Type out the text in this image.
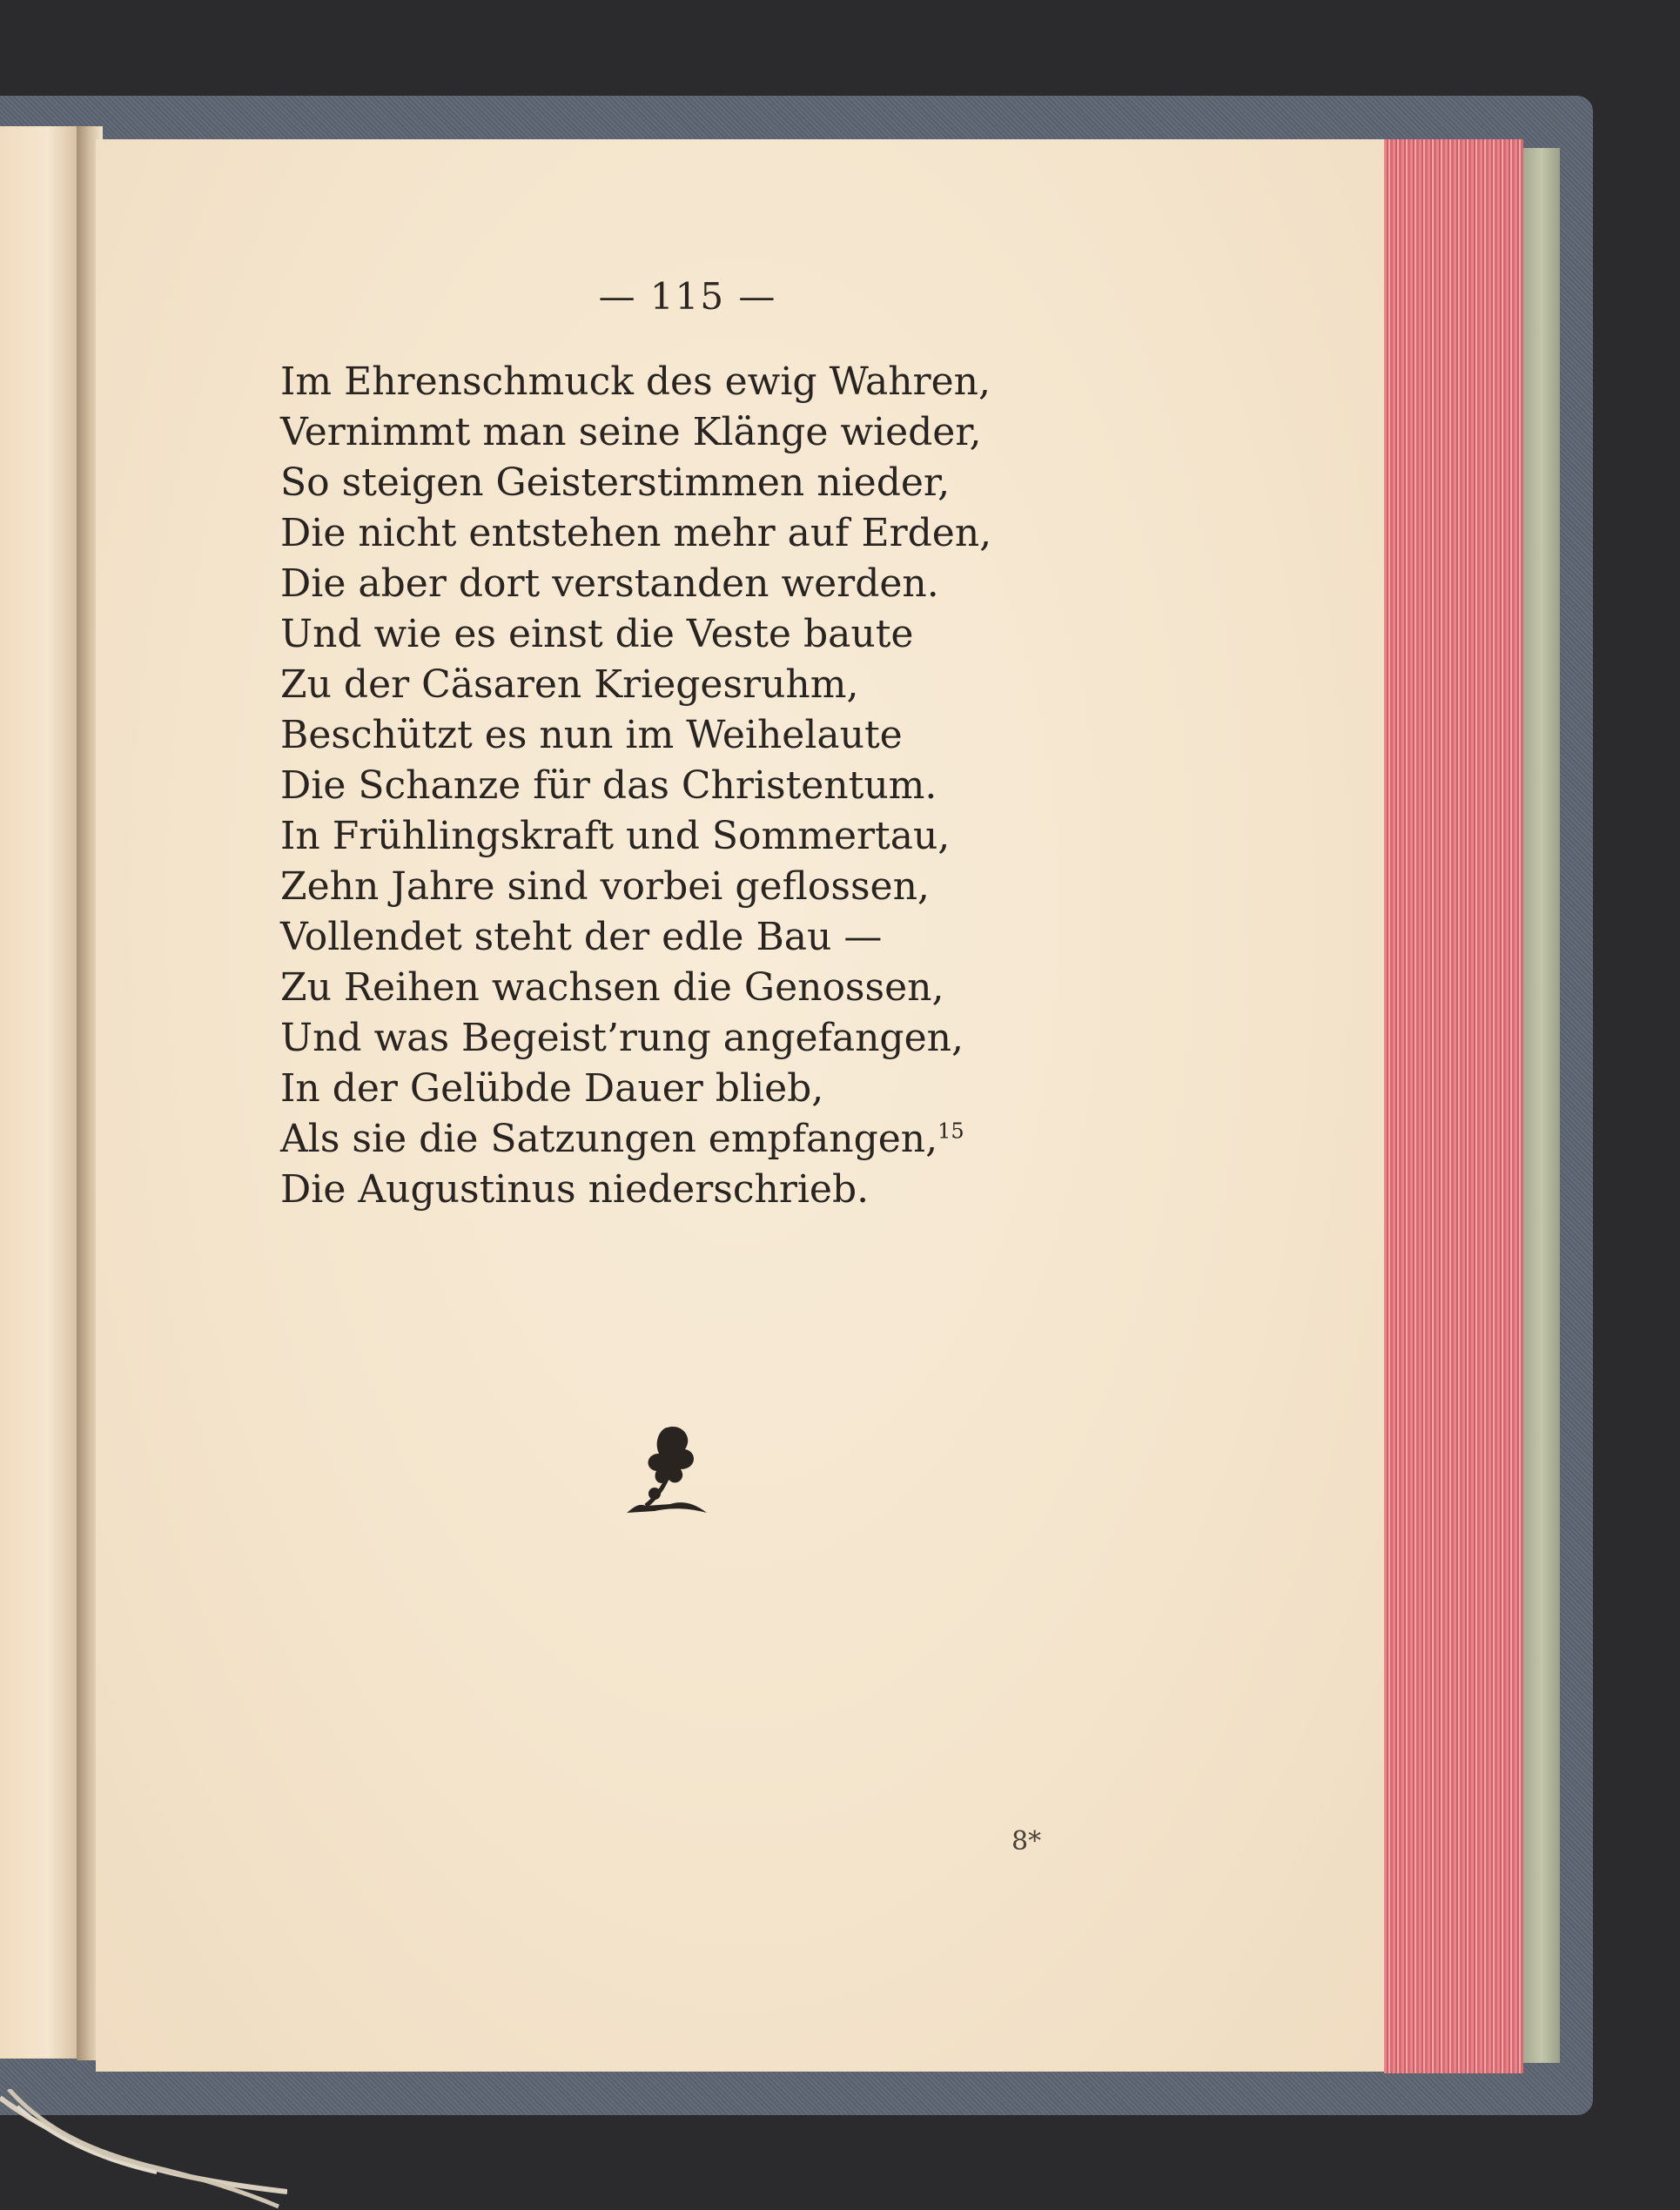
— 115 —
Im Ehrenschmuck des ewig Wahren,
Vernimmt man seine Klänge wieder,
So steigen Geisterstimmen nieder,
Die nicht entstehen mehr auf Erden,
Die aber dort verstanden werden.
Und wie es einst die Veste baute
Zu der Cäsaren Kriegesruhm,
Beschützt es nun im Weihelaute
Die Schanze für das Christentum.
In Frühlingskraft und Sommertau,
Zehn Jahre sind vorbei geflossen,
Vollendet steht der edle Bau —
Zu Reihen wachsen die Genossen,
Und was Begeist’rung angefangen,
In der Gelübde Dauer blieb,
Als sie die Satzungen empfangen,$^{15}$
Die Augustinus niederschrieb.
8*
